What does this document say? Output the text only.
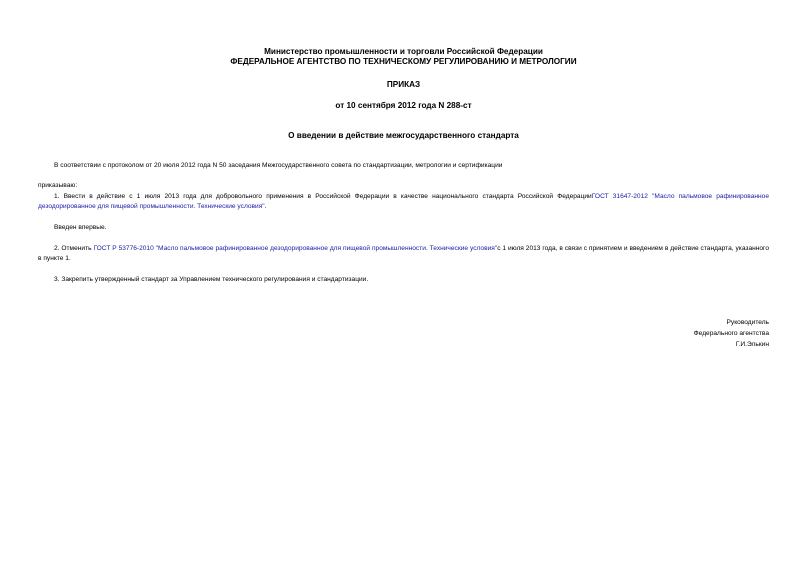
Министерство промышленности и торговли Российской Федерации
ФЕДЕРАЛЬНОЕ АГЕНТСТВО ПО ТЕХНИЧЕСКОМУ РЕГУЛИРОВАНИЮ И МЕТРОЛОГИИ
ПРИКАЗ
от 10 сентября 2012 года N 288-ст
О введении в действие межгосударственного стандарта
В соответствии с протоколом от 20 июля 2012 года N 50 заседания Межгосударственного совета по стандартизации, метрологии и сертификации
приказываю:
1. Ввести в действие с 1 июля 2013 года для добровольного применения в Российской Федерации в качестве национального стандарта Российской ФедерацииГОСТ 31647-2012 "Масло пальмовое рафинированное дезодорированное для пищевой промышленности. Технические условия".
Введен впервые.
2. Отменить ГОСТ Р 53776-2010 "Масло пальмовое рафинированное дезодорированное для пищевой промышленности. Технические условия"с 1 июля 2013 года, в связи с принятием и введением в действие стандарта, указанного в пункте 1.
3. Закрепить утвержденный стандарт за Управлением технического регулирования и стандартизации.
Руководитель
Федерального агентства
Г.И.Элькин
